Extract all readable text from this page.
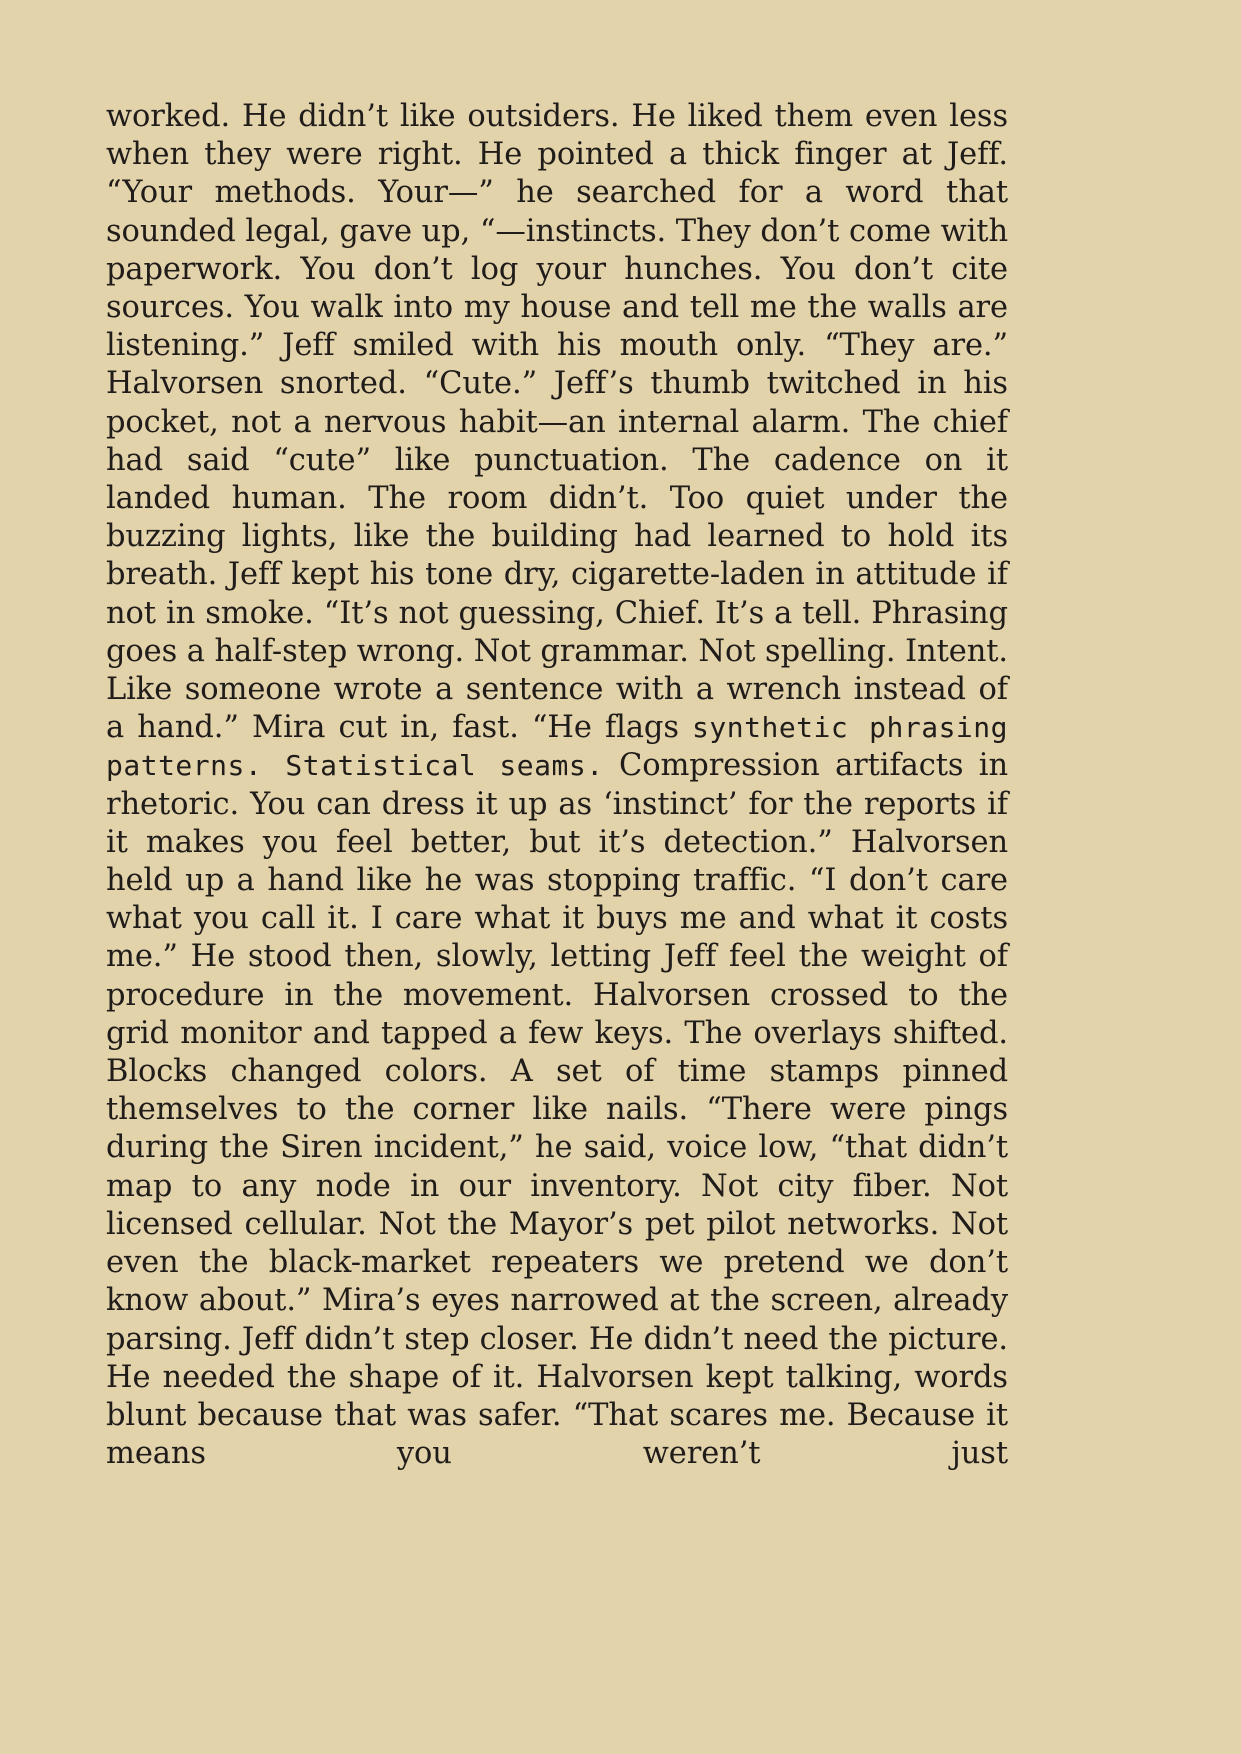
worked. He didn’t like outsiders. He liked them even less when they were right. He pointed a thick finger at Jeff. “Your methods. Your—” he searched for a word that sounded legal, gave up, “—instincts. They don’t come with paperwork. You don’t log your hunches. You don’t cite sources. You walk into my house and tell me the walls are listening.” Jeff smiled with his mouth only. “They are.” Halvorsen snorted. “Cute.” Jeff’s thumb twitched in his pocket, not a nervous habit—an internal alarm. The chief had said “cute” like punctuation. The cadence on it landed human. The room didn’t. Too quiet under the buzzing lights, like the building had learned to hold its breath. Jeff kept his tone dry, cigarette-laden in attitude if not in smoke. “It’s not guessing, Chief. It’s a tell. Phrasing goes a half-step wrong. Not grammar. Not spelling. Intent. Like someone wrote a sentence with a wrench instead of a hand.” Mira cut in, fast. “He flags synthetic phrasing patterns. Statistical seams. Compression artifacts in rhetoric. You can dress it up as ‘instinct’ for the reports if it makes you feel better, but it’s detection.” Halvorsen held up a hand like he was stopping traffic. “I don’t care what you call it. I care what it buys me and what it costs me.” He stood then, slowly, letting Jeff feel the weight of procedure in the movement. Halvorsen crossed to the grid monitor and tapped a few keys. The overlays shifted. Blocks changed colors. A set of time stamps pinned themselves to the corner like nails. “There were pings during the Siren incident,” he said, voice low, “that didn’t map to any node in our inventory. Not city fiber. Not licensed cellular. Not the Mayor’s pet pilot networks. Not even the black-market repeaters we pretend we don’t know about.” Mira’s eyes narrowed at the screen, already parsing. Jeff didn’t step closer. He didn’t need the picture. He needed the shape of it. Halvorsen kept talking, words blunt because that was safer. “That scares me. Because it means you weren’t just
